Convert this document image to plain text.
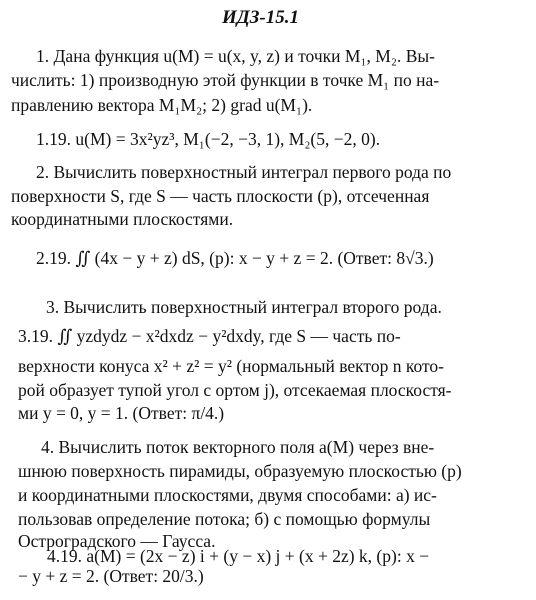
ИДЗ-15.1
1. Дана функция u(M) = u(x, y, z) и точки M₁, M₂. Вы-
числить: 1) производную этой функции в точке M₁ по на-
правлению вектора M₁M₂; 2) grad u(M₁).
1.19. u(M) = 3x²yz³, M₁(−2, −3, 1), M₂(5, −2, 0).
2. Вычислить поверхностный интеграл первого рода по
поверхности S, где S — часть плоскости (p), отсеченная
координатными плоскостями.
2.19. ∬ (4x − y + z) dS, (p): x − y + z = 2. (Ответ: 8√3.)
3. Вычислить поверхностный интеграл второго рода.
3.19. ∬ yzdydz − x²dxdz − y²dxdy, где S — часть по-
верхности конуса x² + z² = y² (нормальный вектор n кото-
рой образует тупой угол с ортом j), отсекаемая плоскостя-
ми y = 0, y = 1. (Ответ: π/4.)
4. Вычислить поток векторного поля a(M) через вне-
шнюю поверхность пирамиды, образуемую плоскостью (p)
и координатными плоскостями, двумя способами: а) ис-
пользовав определение потока; б) с помощью формулы
Остроградского — Гаусса.
4.19. a(M) = (2x − z) i + (y − x) j + (x + 2z) k, (p): x −
− y + z = 2. (Ответ: 20/3.)
